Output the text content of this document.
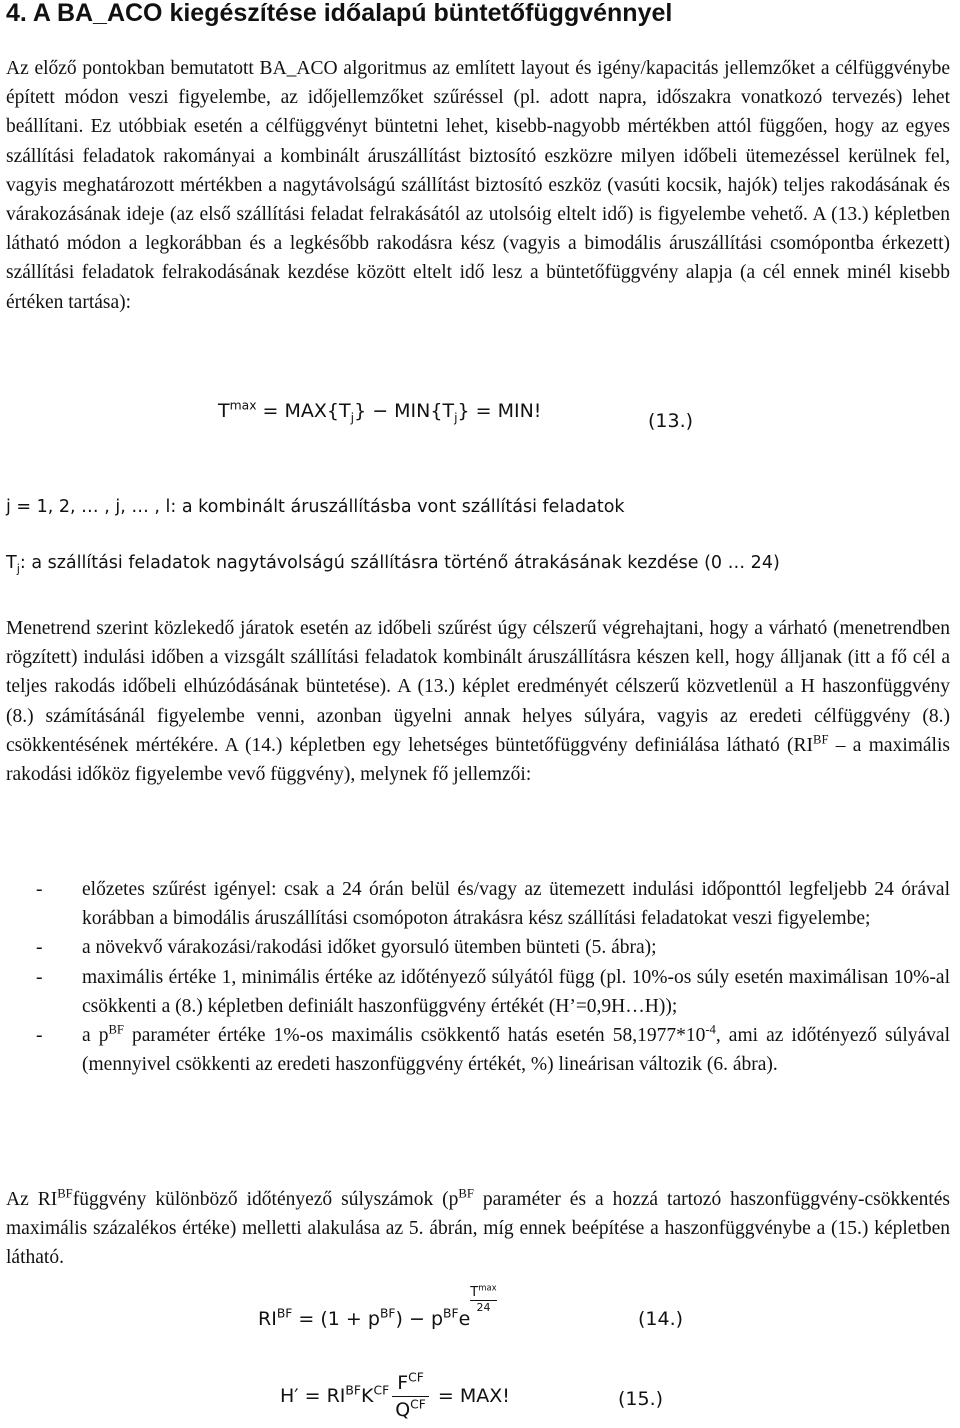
4. A BA_ACO kiegészítése időalapú büntetőfüggvénnyel
Az előző pontokban bemutatott BA_ACO algoritmus az említett layout és igény/kapacitás jellemzőket a célfüggvénybe épített módon veszi figyelembe, az időjellemzőket szűréssel (pl. adott napra, időszakra vonatkozó tervezés) lehet beállítani. Ez utóbbiak esetén a célfüggvényt büntetni lehet, kisebb-nagyobb mértékben attól függően, hogy az egyes szállítási feladatok rakományai a kombinált áruszállítást biztosító eszközre milyen időbeli ütemezéssel kerülnek fel, vagyis meghatározott mértékben a nagytávolságú szállítást biztosító eszköz (vasúti kocsik, hajók) teljes rakodásának és várakozásának ideje (az első szállítási feladat felrakásától az utolsóig eltelt idő) is figyelembe vehető. A (13.) képletben látható módon a legkorábban és a legkésőbb rakodásra kész (vagyis a bimodális áruszállítási csomópontba érkezett) szállítási feladatok felrakodásának kezdése között eltelt idő lesz a büntetőfüggvény alapja (a cél ennek minél kisebb értéken tartása):
$T^{max} = MAX\{T_j\} - MIN\{T_j\}$ = MIN!	(13.)
j = 1, 2, … , j, … , l: a kombinált áruszállításba vont szállítási feladatok
$T_j$: a szállítási feladatok nagytávolságú szállításra történő átrakásának kezdése (0 … 24)
Menetrend szerint közlekedő járatok esetén az időbeli szűrést úgy célszerű végrehajtani, hogy a várható (menetrendben rögzített) indulási időben a vizsgált szállítási feladatok kombinált áruszállításra készen kell, hogy álljanak (itt a fő cél a teljes rakodás időbeli elhúzódásának büntetése). A (13.) képlet eredményét célszerű közvetlenül a H haszonfüggvény (8.) számításánál figyelembe venni, azonban ügyelni annak helyes súlyára, vagyis az eredeti célfüggvény (8.) csökkentésének mértékére. A (14.) képletben egy lehetséges büntetőfüggvény definiálása látható ($RI^{BF}$ – a maximális rakodási időköz figyelembe vevő függvény), melynek fő jellemzői:
- előzetes szűrést igényel: csak a 24 órán belül és/vagy az ütemezett indulási időponttól legfeljebb 24 órával korábban a bimodális áruszállítási csomópoton átrakásra kész szállítási feladatokat veszi figyelembe;
- a növekvő várakozási/rakodási időket gyorsuló ütemben bünteti (5. ábra);
- maximális értéke 1, minimális értéke az időtényező súlyától függ (pl. 10%-os súly esetén maximálisan 10%-al csökkenti a (8.) képletben definiált haszonfüggvény értékét (H’=0,9H…H));
- a $p^{BF}$ paraméter értéke 1%-os maximális csökkentő hatás esetén $58,1977*10^{-4}$, ami az időtényező súlyával (mennyivel csökkenti az eredeti haszonfüggvény értékét, %) lineárisan változik (6. ábra).
Az $RI^{BF}függvény$ különböző időtényező súlyszámok ($p^{BF}$ paraméter és a hozzá tartozó haszonfüggvény-csökkentés maximális százalékos értéke) melletti alakulása az 5. ábrán, míg ennek beépítése a haszonfüggvénybe a (15.) képletben látható.
$RI^{BF} = (1 + p^{BF}) - p^{BF}e$
$T^{max}$
24
(14.)
$H' = RI^{BF}K^{CF} \frac{F^{CF}}{Q^{CF}}$ = MAX!	(15.)
